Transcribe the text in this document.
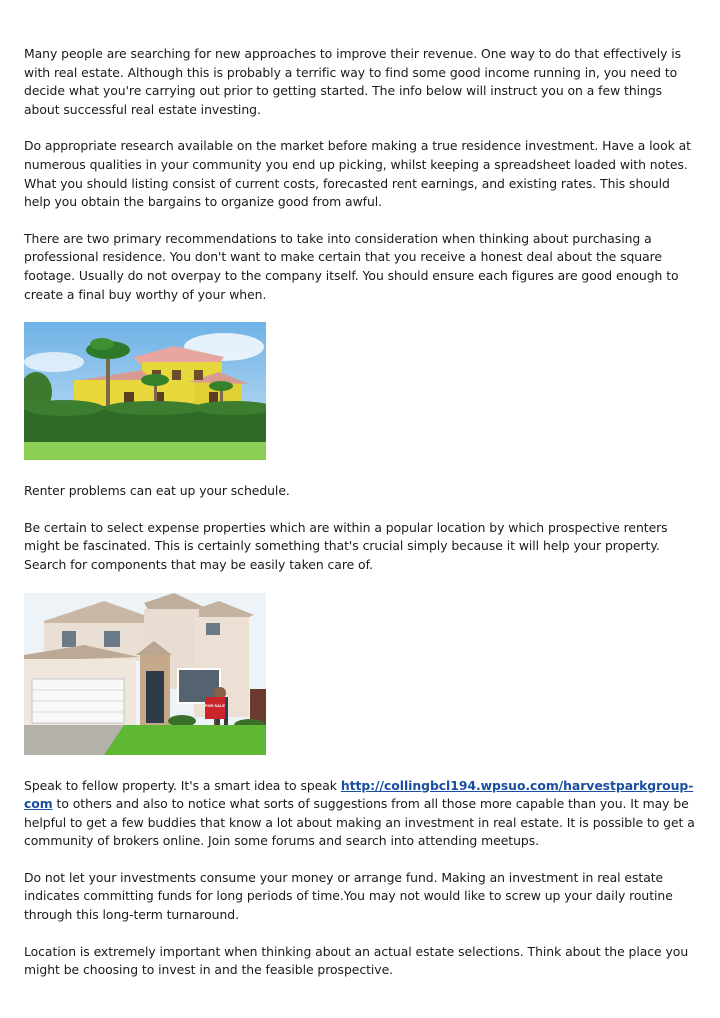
Many people are searching for new approaches to improve their revenue. One way to do that effectively is with real estate. Although this is probably a terrific way to find some good income running in, you need to decide what you're carrying out prior to getting started. The info below will instruct you on a few things about successful real estate investing.

Do appropriate research available on the market before making a true residence investment. Have a look at numerous qualities in your community you end up picking, whilst keeping a spreadsheet loaded with notes. What you should listing consist of current costs, forecasted rent earnings, and existing rates. This should help you obtain the bargains to organize good from awful.

There are two primary recommendations to take into consideration when thinking about purchasing a professional residence. You don't want to make certain that you receive a honest deal about the square footage. Usually do not overpay to the company itself. You should ensure each figures are good enough to create a final buy worthy of your when.

Renter problems can eat up your schedule.

Be certain to select expense properties which are within a popular location by which prospective renters might be fascinated. This is certainly something that's crucial simply because it will help your property. Search for components that may be easily taken care of.

FOR SALE

Speak to fellow property. It's a smart idea to speak http://collingbcl194.wpsuo.com/harvestparkgroup-com to others and also to notice what sorts of suggestions from all those more capable than you. It may be helpful to get a few buddies that know a lot about making an investment in real estate. It is possible to get a community of brokers online. Join some forums and search into attending meetups.

Do not let your investments consume your money or arrange fund. Making an investment in real estate indicates committing funds for long periods of time.You may not would like to screw up your daily routine through this long-term turnaround.

Location is extremely important when thinking about an actual estate selections. Think about the place you might be choosing to invest in and the feasible prospective.
